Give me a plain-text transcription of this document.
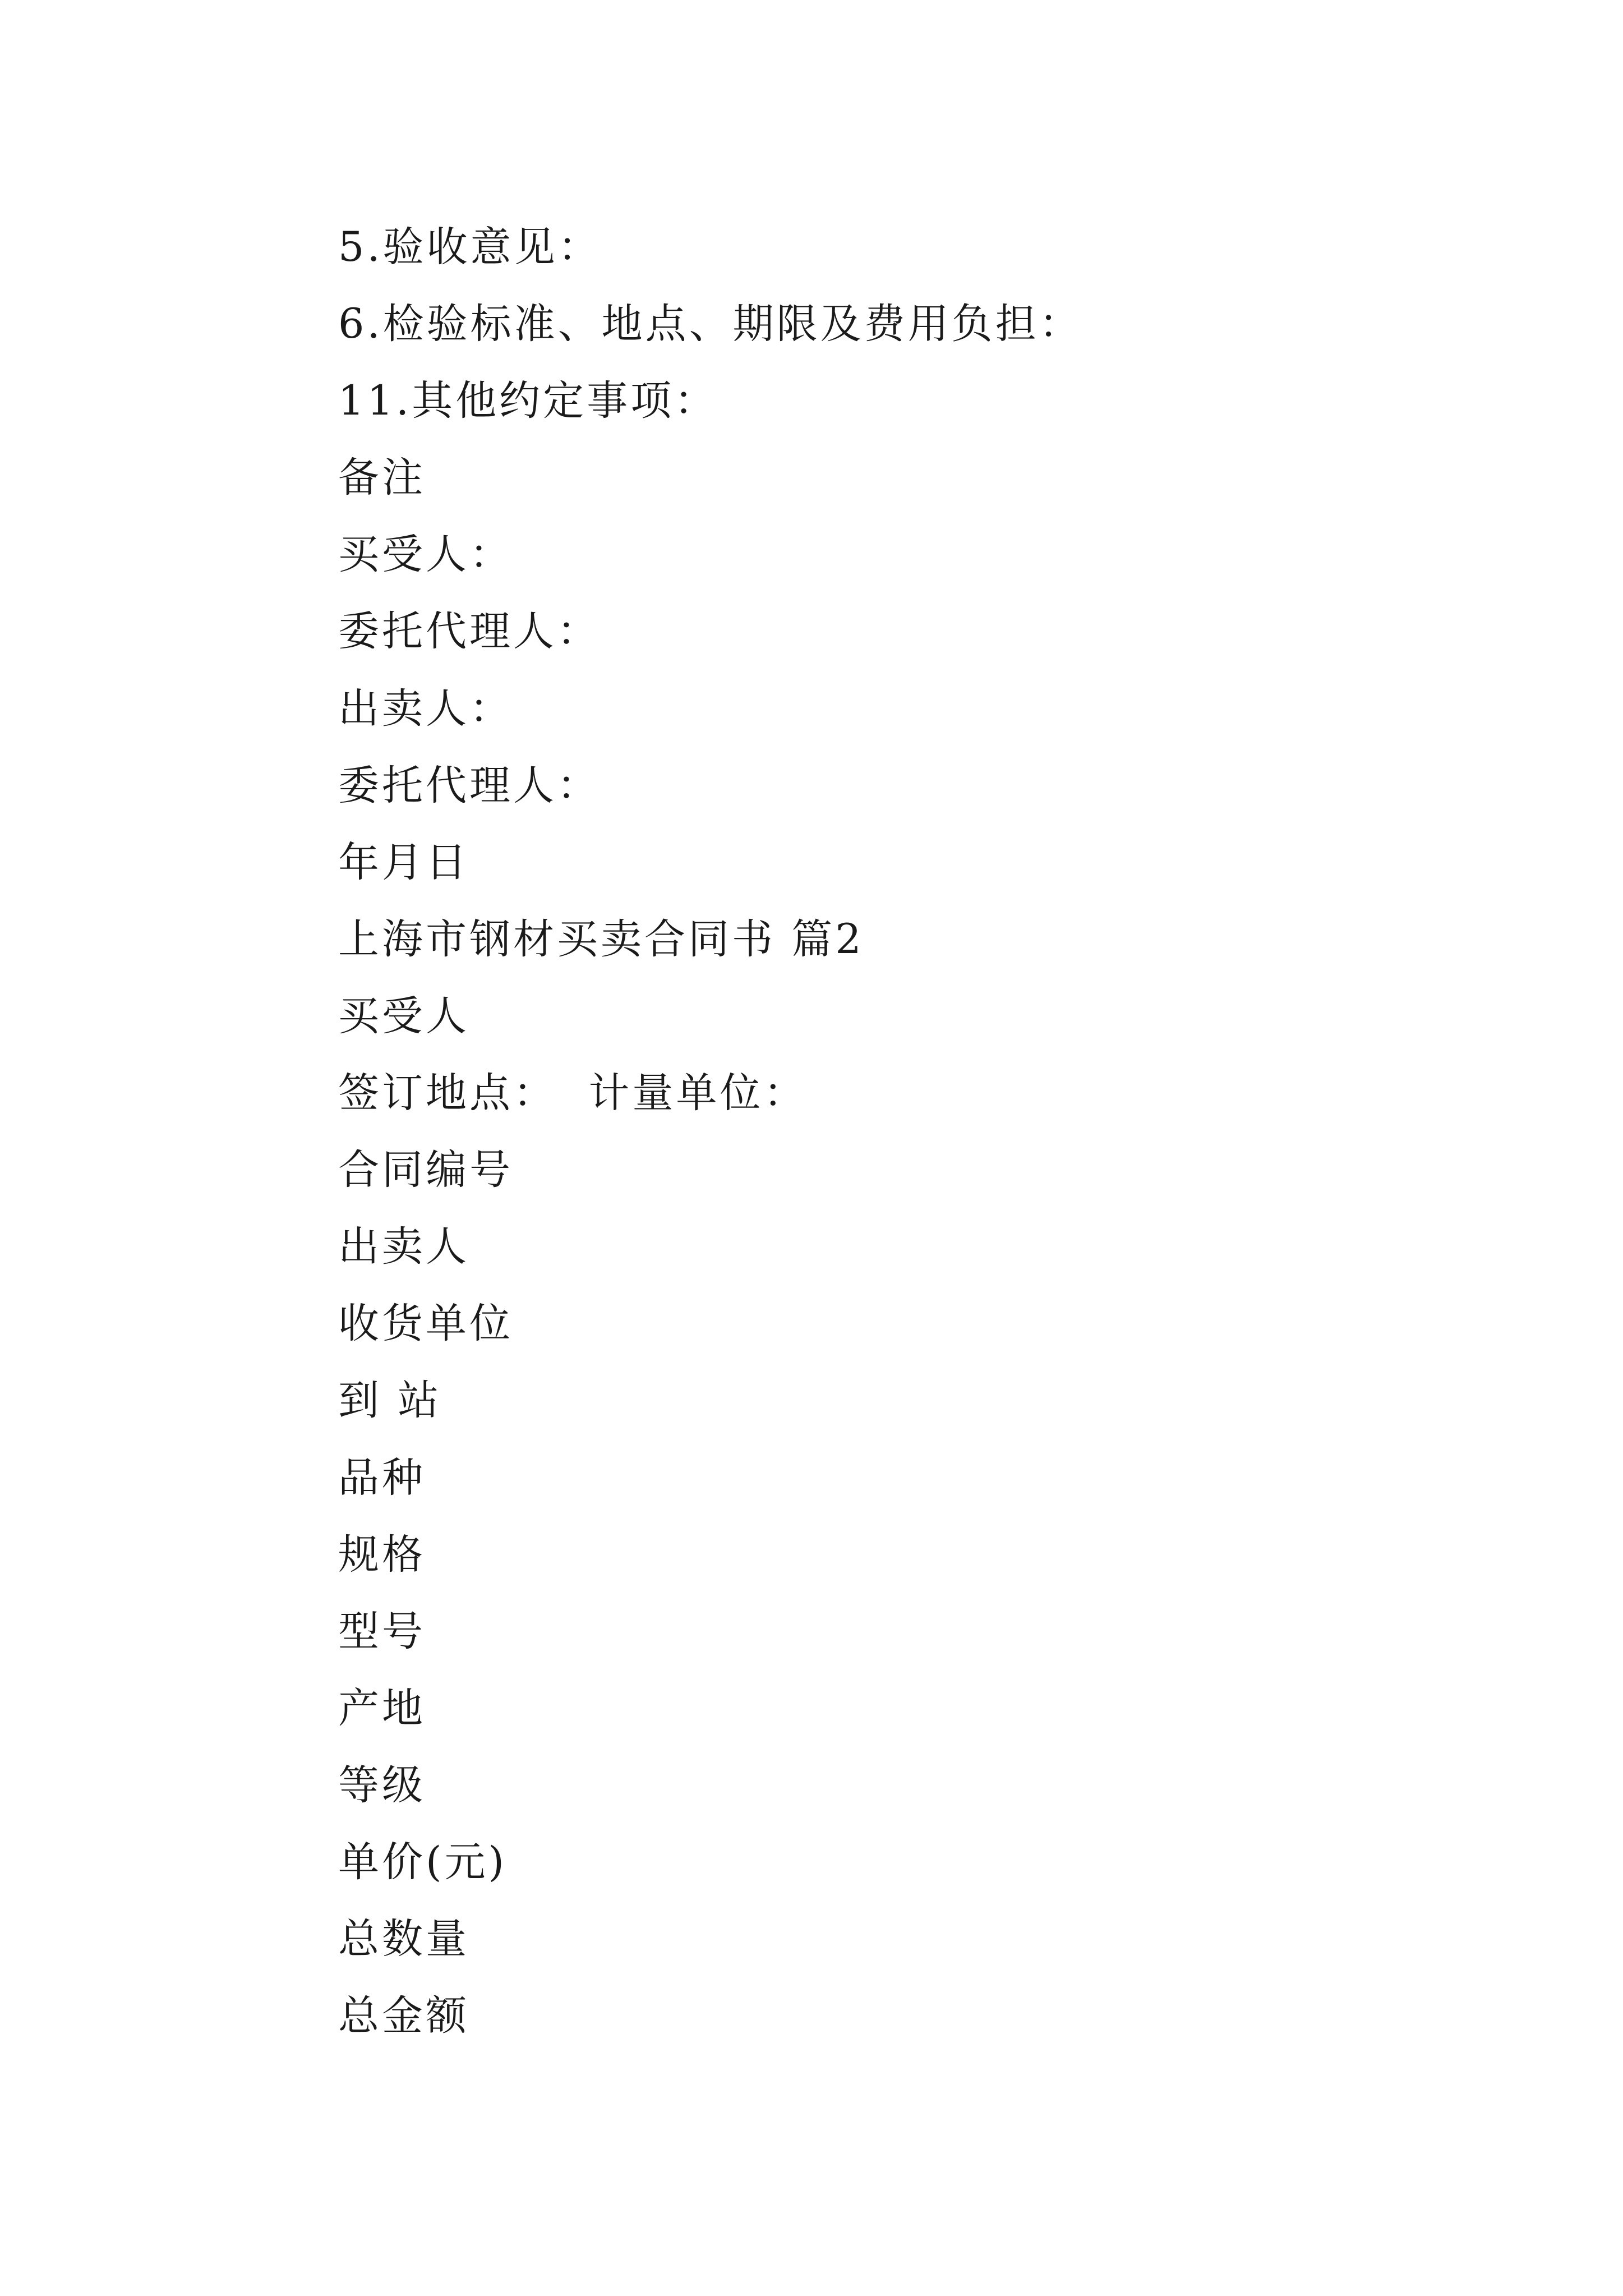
5.验收意见：
6.检验标准、地点、期限及费用负担：
11.其他约定事项：
备注
买受人：
委托代理人：
出卖人：
委托代理人：
年月日
上海市钢材买卖合同书 篇2
买受人
签订地点：  计量单位：
合同编号
出卖人
收货单位
到 站
品种
规格
型号
产地
等级
单价(元)
总数量
总金额
